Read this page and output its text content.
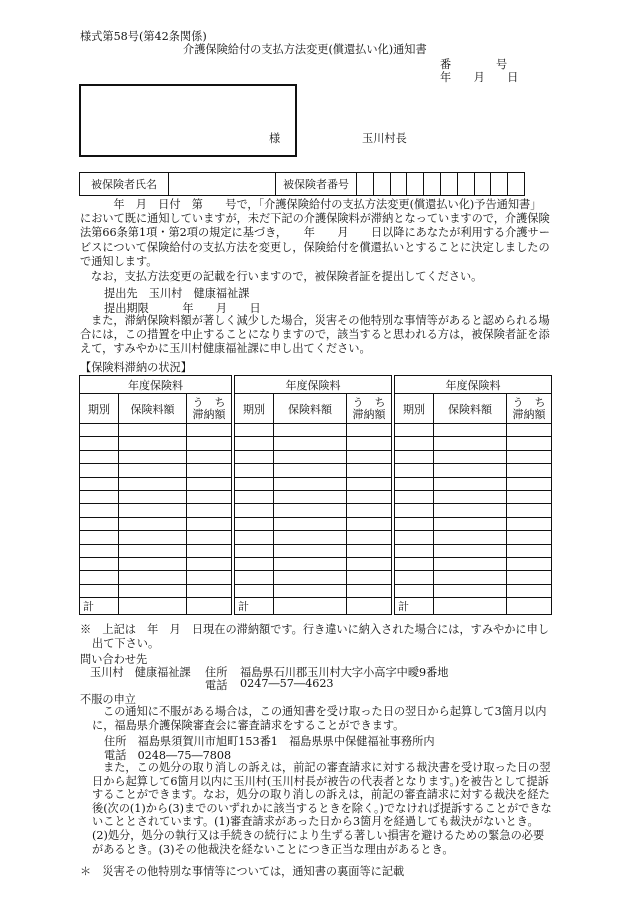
様式第58号(第42条関係)
介護保険給付の支払方法変更(償還払い化)通知書
番　　　　号
年　　月　　日
様	玉川村長
被保険者氏名		被保険者番号										
　　年　月　日付　第　　号で，「介護保険給付の支払方法変更(償還払い化)予告通知書」において既に通知していますが，未だ下記の介護保険料が滞納となっていますので，介護保険法第66条第1項・第2項の規定に基づき，　　年　　月　　日以降にあなたが利用する介護サービスについて保険給付の支払方法を変更し，保険給付を償還払いとすることに決定しましたので通知します。
なお，支払方法変更の記載を行いますので，被保険者証を提出してください。
提出先　玉川村　健康福祉課
提出期限　　　年　　月　　日
また，滞納保険料額が著しく減少した場合，災害その他特別な事情等があると認められる場合には，この措置を中止することになりますので，該当すると思われる方は，被保険者証を添えて，すみやかに玉川村健康福祉課に申し出てください。
【保険料滞納の状況】
年度保険料		
期別	保険料額	う　ち
滞納額

計		
年度保険料		
期別	保険料額	う　ち
滞納額

計		
年度保険料		
期別	保険料額	う　ち
滞納額

計		
※　上記は　年　月　日現在の滞納額です。行き違いに納入された場合には，すみやかに申し出て下さい。
問い合わせ先
玉川村　健康福祉課 住所 福島県石川郡玉川村大字小高字中曖9番地
電話 0247―57―4623
不服の申立
この通知に不服がある場合は，この通知書を受け取った日の翌日から起算して3箇月以内に，福島県介護保険審査会に審査請求をすることができます。
住所　福島県須賀川市旭町153番1　福島県県中保健福祉事務所内
電話　0248―75―7808
また，この処分の取り消しの訴えは，前記の審査請求に対する裁決書を受け取った日の翌日から起算して6箇月以内に玉川村(玉川村長が被告の代表者となります。)を被告として提訴することができます。なお，処分の取り消しの訴えは，前記の審査請求に対する裁決を経た後(次の(1)から(3)までのいずれかに該当するときを除く。)でなければ提訴することができないこととされています。(1)審査請求があった日から3箇月を経過しても裁決がないとき。(2)処分，処分の執行又は手続きの続行により生ずる著しい損害を避けるための緊急の必要があるとき。(3)その他裁決を経ないことにつき正当な理由があるとき。
＊　災害その他特別な事情等については，通知書の裏面等に記載
